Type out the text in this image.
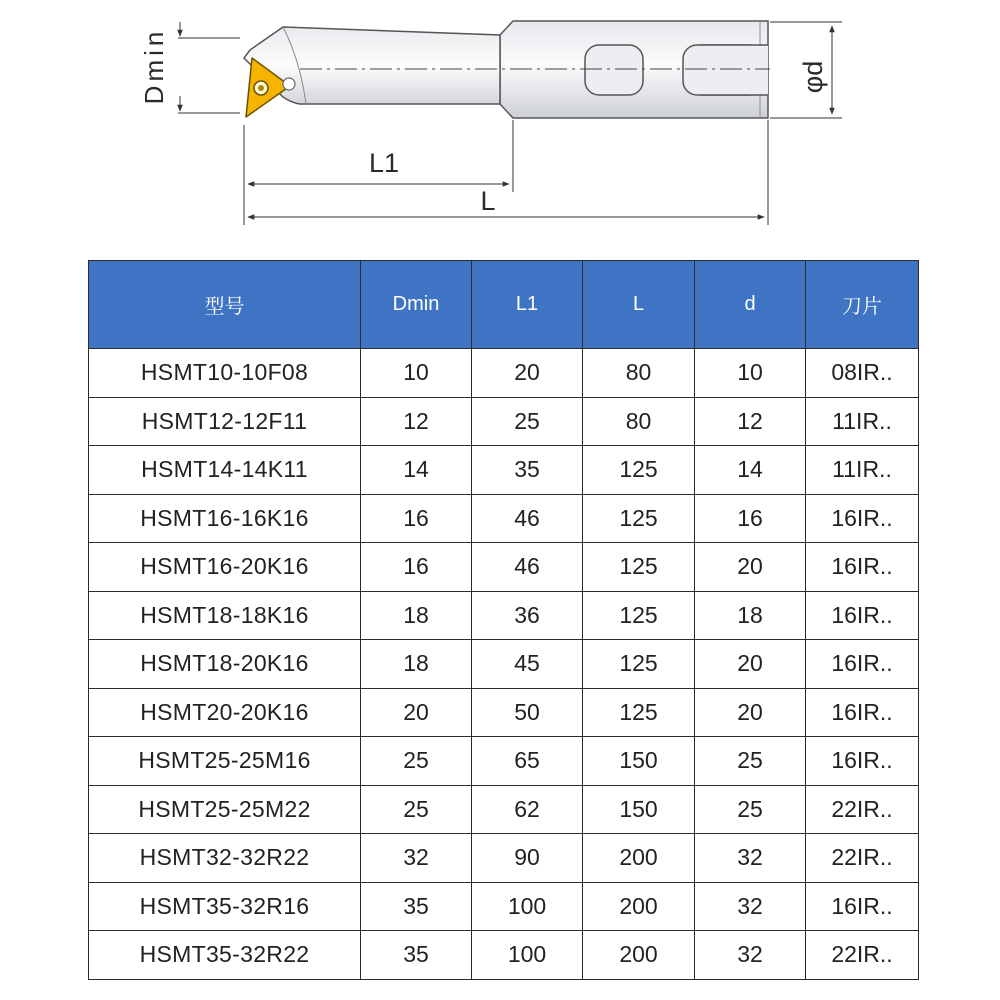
Dmin
L1
L
φd
型号	Dmin	L1	L	d	刀片
HSMT10-10F08	10	20	80	10	08IR..
HSMT12-12F11	12	25	80	12	11IR..
HSMT14-14K11	14	35	125	14	11IR..
HSMT16-16K16	16	46	125	16	16IR..
HSMT16-20K16	16	46	125	20	16IR..
HSMT18-18K16	18	36	125	18	16IR..
HSMT18-20K16	18	45	125	20	16IR..
HSMT20-20K16	20	50	125	20	16IR..
HSMT25-25M16	25	65	150	25	16IR..
HSMT25-25M22	25	62	150	25	22IR..
HSMT32-32R22	32	90	200	32	22IR..
HSMT35-32R16	35	100	200	32	16IR..
HSMT35-32R22	35	100	200	32	22IR..
